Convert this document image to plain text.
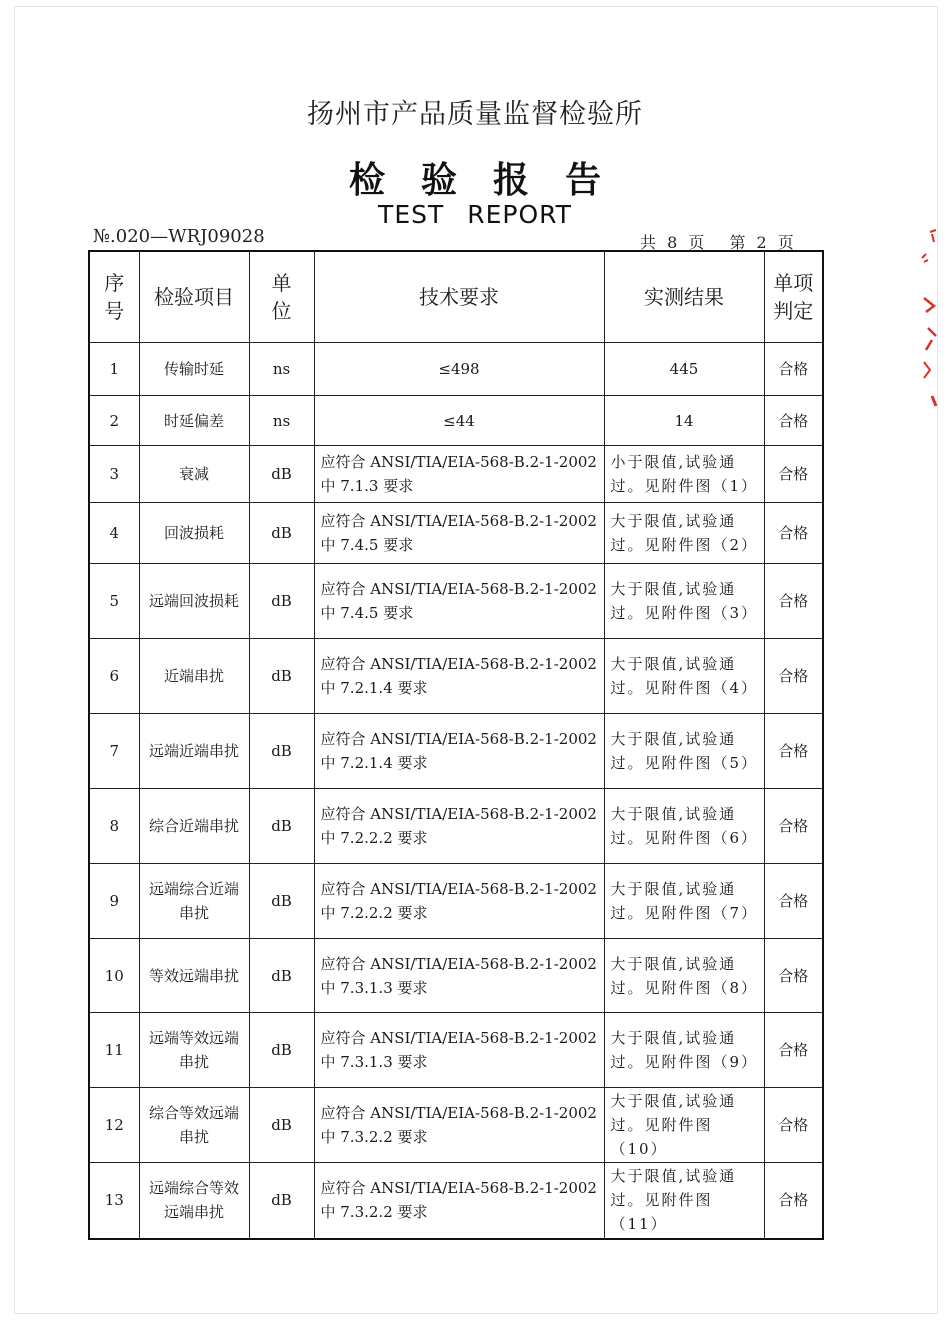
扬州市产品质量监督检验所
检验报告
TEST REPORT
№.020—WRJ09028	共 8 页 第 2 页
序号	检验项目	单位	技术要求	实测结果	单项判定
1	传输时延	ns	≤498	445	合格
2	时延偏差	ns	≤44	14	合格
3	衰减	dB	应符合 ANSI/TIA/EIA-568-B.2-1-2002
中 7.1.3 要求	小于限值,试验通
过。见附件图（1）	合格
4	回波损耗	dB	应符合 ANSI/TIA/EIA-568-B.2-1-2002
中 7.4.5 要求	大于限值,试验通
过。见附件图（2）	合格
5	远端回波损耗	dB	应符合 ANSI/TIA/EIA-568-B.2-1-2002
中 7.4.5 要求	大于限值,试验通
过。见附件图（3）	合格
6	近端串扰	dB	应符合 ANSI/TIA/EIA-568-B.2-1-2002
中 7.2.1.4 要求	大于限值,试验通
过。见附件图（4）	合格
7	远端近端串扰	dB	应符合 ANSI/TIA/EIA-568-B.2-1-2002
中 7.2.1.4 要求	大于限值,试验通
过。见附件图（5）	合格
8	综合近端串扰	dB	应符合 ANSI/TIA/EIA-568-B.2-1-2002
中 7.2.2.2 要求	大于限值,试验通
过。见附件图（6）	合格
9	远端综合近端串扰	dB	应符合 ANSI/TIA/EIA-568-B.2-1-2002
中 7.2.2.2 要求	大于限值,试验通
过。见附件图（7）	合格
10	等效远端串扰	dB	应符合 ANSI/TIA/EIA-568-B.2-1-2002
中 7.3.1.3 要求	大于限值,试验通
过。见附件图（8）	合格
11	远端等效远端串扰	dB	应符合 ANSI/TIA/EIA-568-B.2-1-2002
中 7.3.1.3 要求	大于限值,试验通
过。见附件图（9）	合格
12	综合等效远端串扰	dB	应符合 ANSI/TIA/EIA-568-B.2-1-2002
中 7.3.2.2 要求	大于限值,试验通
过。见附件图（10）	合格
13	远端综合等效远端串扰	dB	应符合 ANSI/TIA/EIA-568-B.2-1-2002
中 7.3.2.2 要求	大于限值,试验通
过。见附件图（11）	合格
